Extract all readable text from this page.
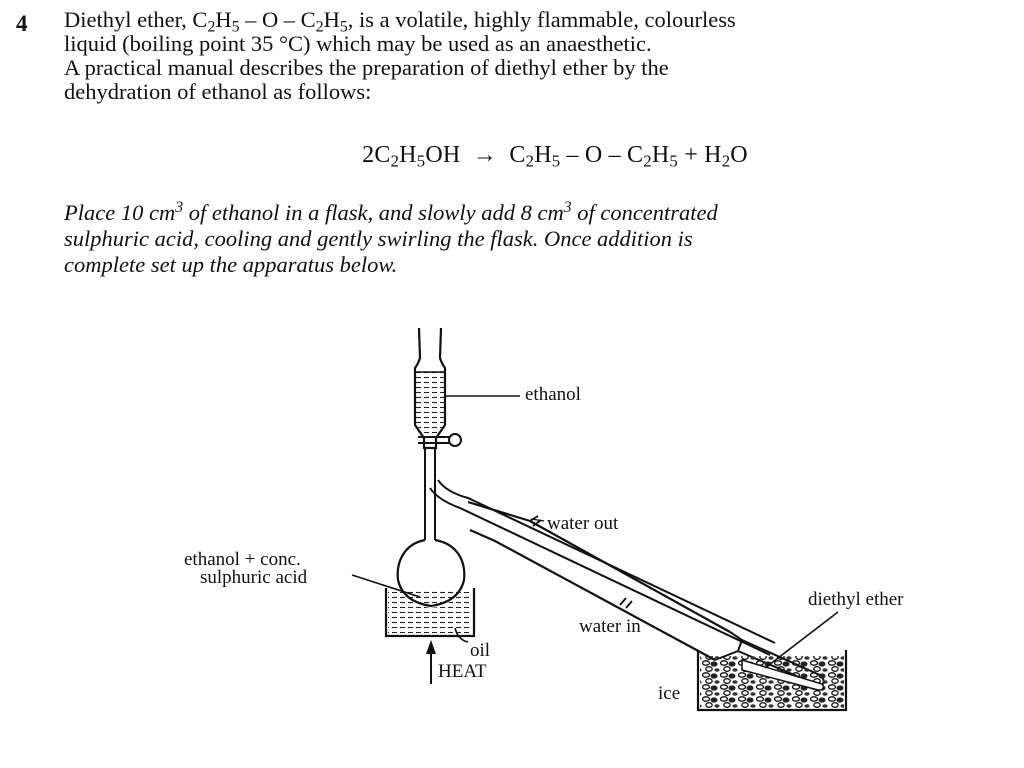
4 Diethyl ether, $C_2H_5$ – O – $C_2H_5$, is a volatile, highly flammable, colourless

liquid (boiling point 35 °C) which may be used as an anaesthetic.

A practical manual describes the preparation of diethyl ether by the

dehydration of ethanol as follows:

$2C_2H_5OH \to C_2H_5 - O - C_2H_5 + H_2O$
Place 10 $cm^3$ of ethanol in a flask, and slowly add 8 $cm^3$ of concentrated
sulphuric acid, cooling and gently swirling the flask. Once addition is
complete set up the apparatus below.
ethanol
water out
ethanol + conc.
sulphuric acid
diethyl ether
water in
oil
HEAT
ice
